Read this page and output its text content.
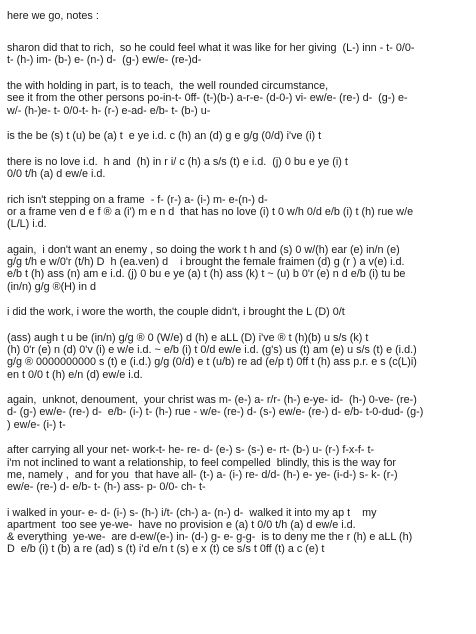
here we go, notes :
sharon did that to rich,  so he could feel what it was like for her giving  (L-) inn - t- 0/0-
t- (h-) im- (b-) e- (n-) d-  (g-) ew/e- (re-)d-
the with holding in part, is to teach,  the well rounded circumstance,
see it from the other persons po-in-t- 0ff- (t-)(b-) a-r-e- (d-0-) vi- ew/e- (re-) d-  (g-) e-
w/- (h-)e- t- 0/0-t- h- (r-) e-ad- e/b- t- (b-) u-
is the be (s) t (u) be (a) t  e ye i.d. c (h) an (d) g e g/g (0/d) i've (i) t
there is no love i.d.  h and  (h) in r i/ c (h) a s/s (t) e i.d.  (j) 0 bu e ye (i) t
0/0 t/h (a) d ew/e i.d.
rich isn't stepping on a frame  - f- (r-) a- (i-) m- e-(n-) d-
or a frame ven d e f ® a (i') m e n d  that has no love (i) t 0 w/h 0/d e/b (i) t (h) rue w/e
(L/L) i.d.
again,  i don't want an enemy , so doing the work t h and (s) 0 w/(h) ear (e) in/n (e)
g/g t/h e w/0'r (t/h) D  h (ea.ven) d    i brought the female fraimen (d) g (r ) a v(e) i.d.
e/b t (h) ass (n) am e i.d. (j) 0 bu e ye (a) t (h) ass (k) t ~ (u) b 0'r (e) n d e/b (i) tu be
(in/n) g/g ®(H) in d
i did the work, i wore the worth, the couple didn't, i brought the L (D) 0/t
(ass) augh t u be (in/n) g/g ® 0 (W/e) d (h) e aLL (D) i've ® t (h)(b) u s/s (k) t
(h) 0'r (e) n (d) 0'v (i) e w/e i.d. ~ e/b (i) t 0/d ew/e i.d. (g's) us (t) am (e) u s/s (t) e (i.d.)
g/g ® 0000000000 s (t) e (i.d.) g/g (0/d) e t (u/b) re ad (e/p t) 0ff t (h) ass p.r. e s (c(L)i)
en t 0/0 t (h) e/n (d) ew/e i.d.
again,  unknot, denoument,  your christ was m- (e-) a- r/r- (h-) e-ye- id-  (h-) 0-ve- (re-)
d- (g-) ew/e- (re-) d-  e/b- (i-) t- (h-) rue - w/e- (re-) d- (s-) ew/e- (re-) d- e/b- t-0-dud- (g-)
) ew/e- (i-) t-
after carrying all your net- work-t- he- re- d- (e-) s- (s-) e- rt- (b-) u- (r-) f-x-f- t-
i'm not inclined to want a relationship, to feel compelled  blindly, this is the way for
me, namely ,  and for you  that have all- (t-) a- (i-) re- d/d- (h-) e- ye- (i-d-) s- k- (r-)
ew/e- (re-) d- e/b- t- (h-) ass- p- 0/0- ch- t-
i walked in your- e- d- (i-) s- (h-) i/t- (ch-) a- (n-) d-  walked it into my ap t    my
apartment  too see ye-we-  have no provision e (a) t 0/0 t/h (a) d ew/e i.d.
& everything  ye-we-  are d-ew/(e-) in- (d-) g- e- g-g-  is to deny me the r (h) e aLL (h)
D  e/b (i) t (b) a re (ad) s (t) i'd e/n t (s) e x (t) ce s/s t 0ff (t) a c (e) t
